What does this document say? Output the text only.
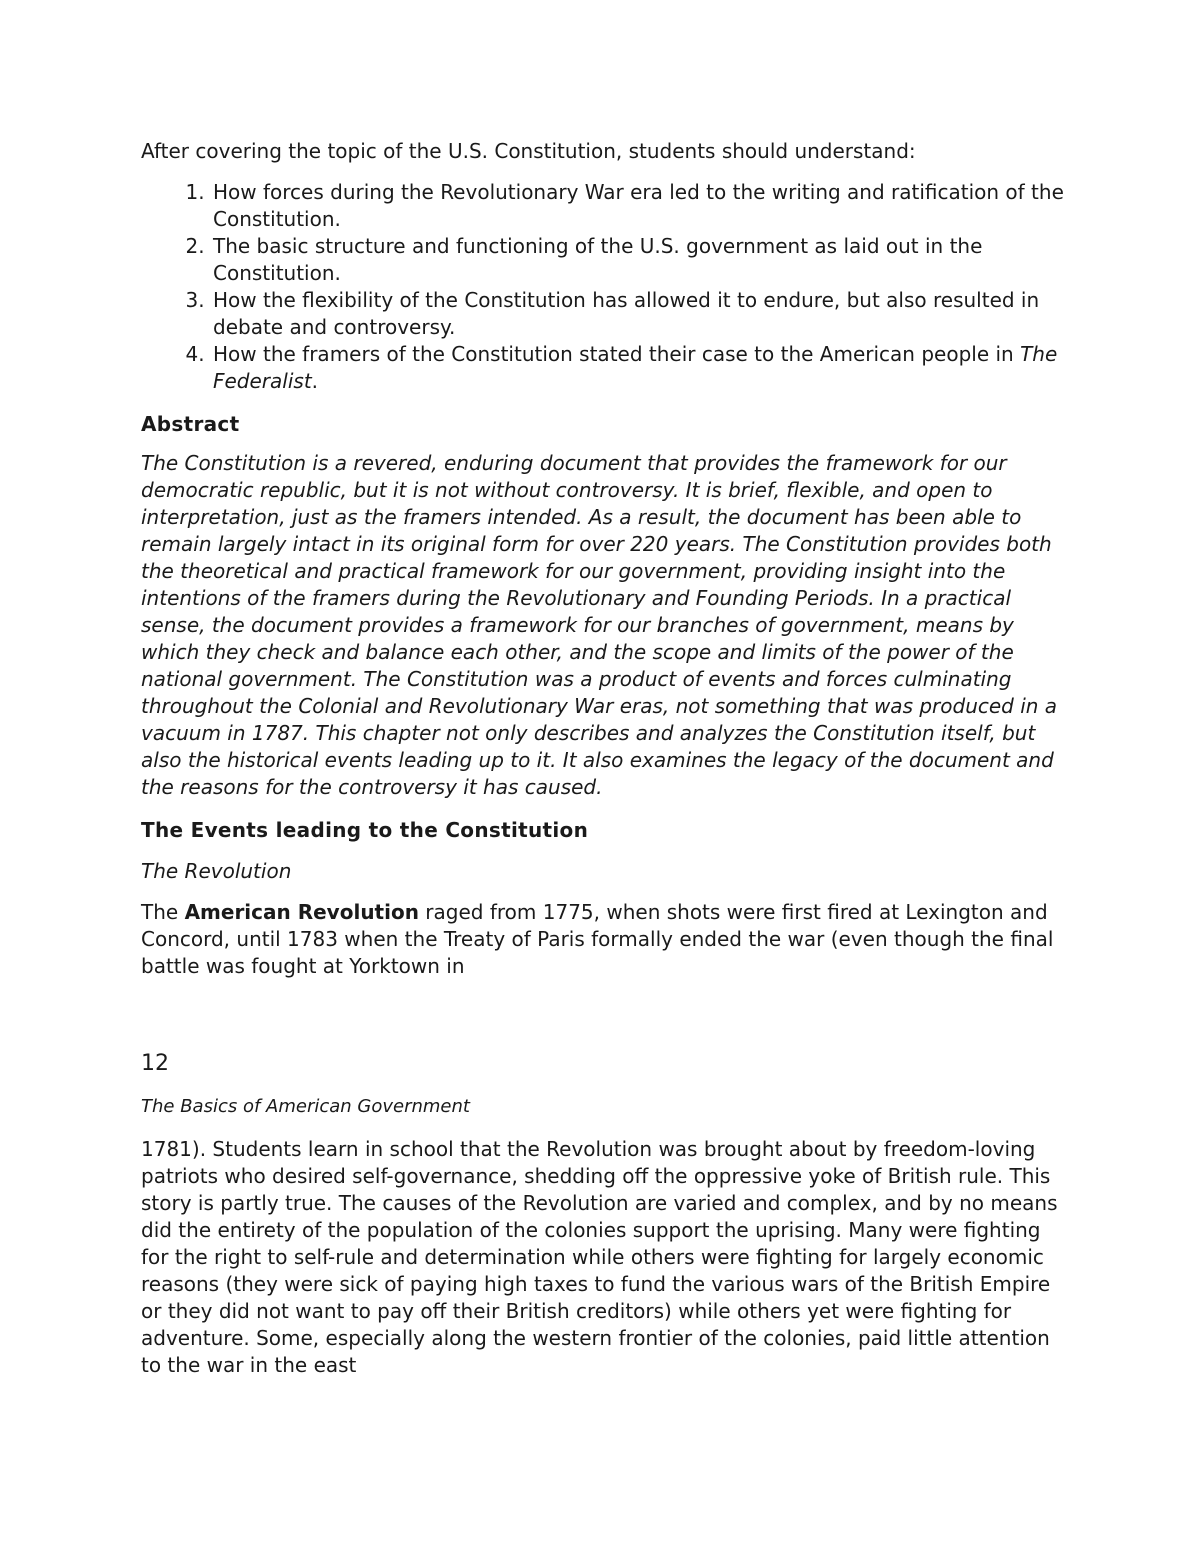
After covering the topic of the U.S. Constitution, students should understand:

1. How forces during the Revolutionary War era led to the writing and ratification of the Constitution.
2. The basic structure and functioning of the U.S. government as laid out in the Constitution.
3. How the flexibility of the Constitution has allowed it to endure, but also resulted in debate and controversy.
4. How the framers of the Constitution stated their case to the American people in The Federalist.
Abstract

The Constitution is a revered, enduring document that provides the framework for our democratic republic, but it is not without controversy. It is brief, flexible, and open to interpretation, just as the framers intended. As a result, the document has been able to remain largely intact in its original form for over 220 years. The Constitution provides both the theoretical and practical framework for our government, providing insight into the intentions of the framers during the Revolutionary and Founding Periods. In a practical sense, the document provides a framework for our branches of government, means by which they check and balance each other, and the scope and limits of the power of the national government. The Constitution was a product of events and forces culminating throughout the Colonial and Revolutionary War eras, not something that was produced in a vacuum in 1787. This chapter not only describes and analyzes the Constitution itself, but also the historical events leading up to it. It also examines the legacy of the document and the reasons for the controversy it has caused.

The Events leading to the Constitution
The Revolution

The American Revolution raged from 1775, when shots were first fired at Lexington and Concord, until 1783 when the Treaty of Paris formally ended the war (even though the final battle was fought at Yorktown in

12
The Basics of American Government

1781). Students learn in school that the Revolution was brought about by freedom-loving patriots who desired self-governance, shedding off the oppressive yoke of British rule. This story is partly true. The causes of the Revolution are varied and complex, and by no means did the entirety of the population of the colonies support the uprising. Many were fighting for the right to self-rule and determination while others were fighting for largely economic reasons (they were sick of paying high taxes to fund the various wars of the British Empire or they did not want to pay off their British creditors) while others yet were fighting for adventure. Some, especially along the western frontier of the colonies, paid little attention to the war in the east
